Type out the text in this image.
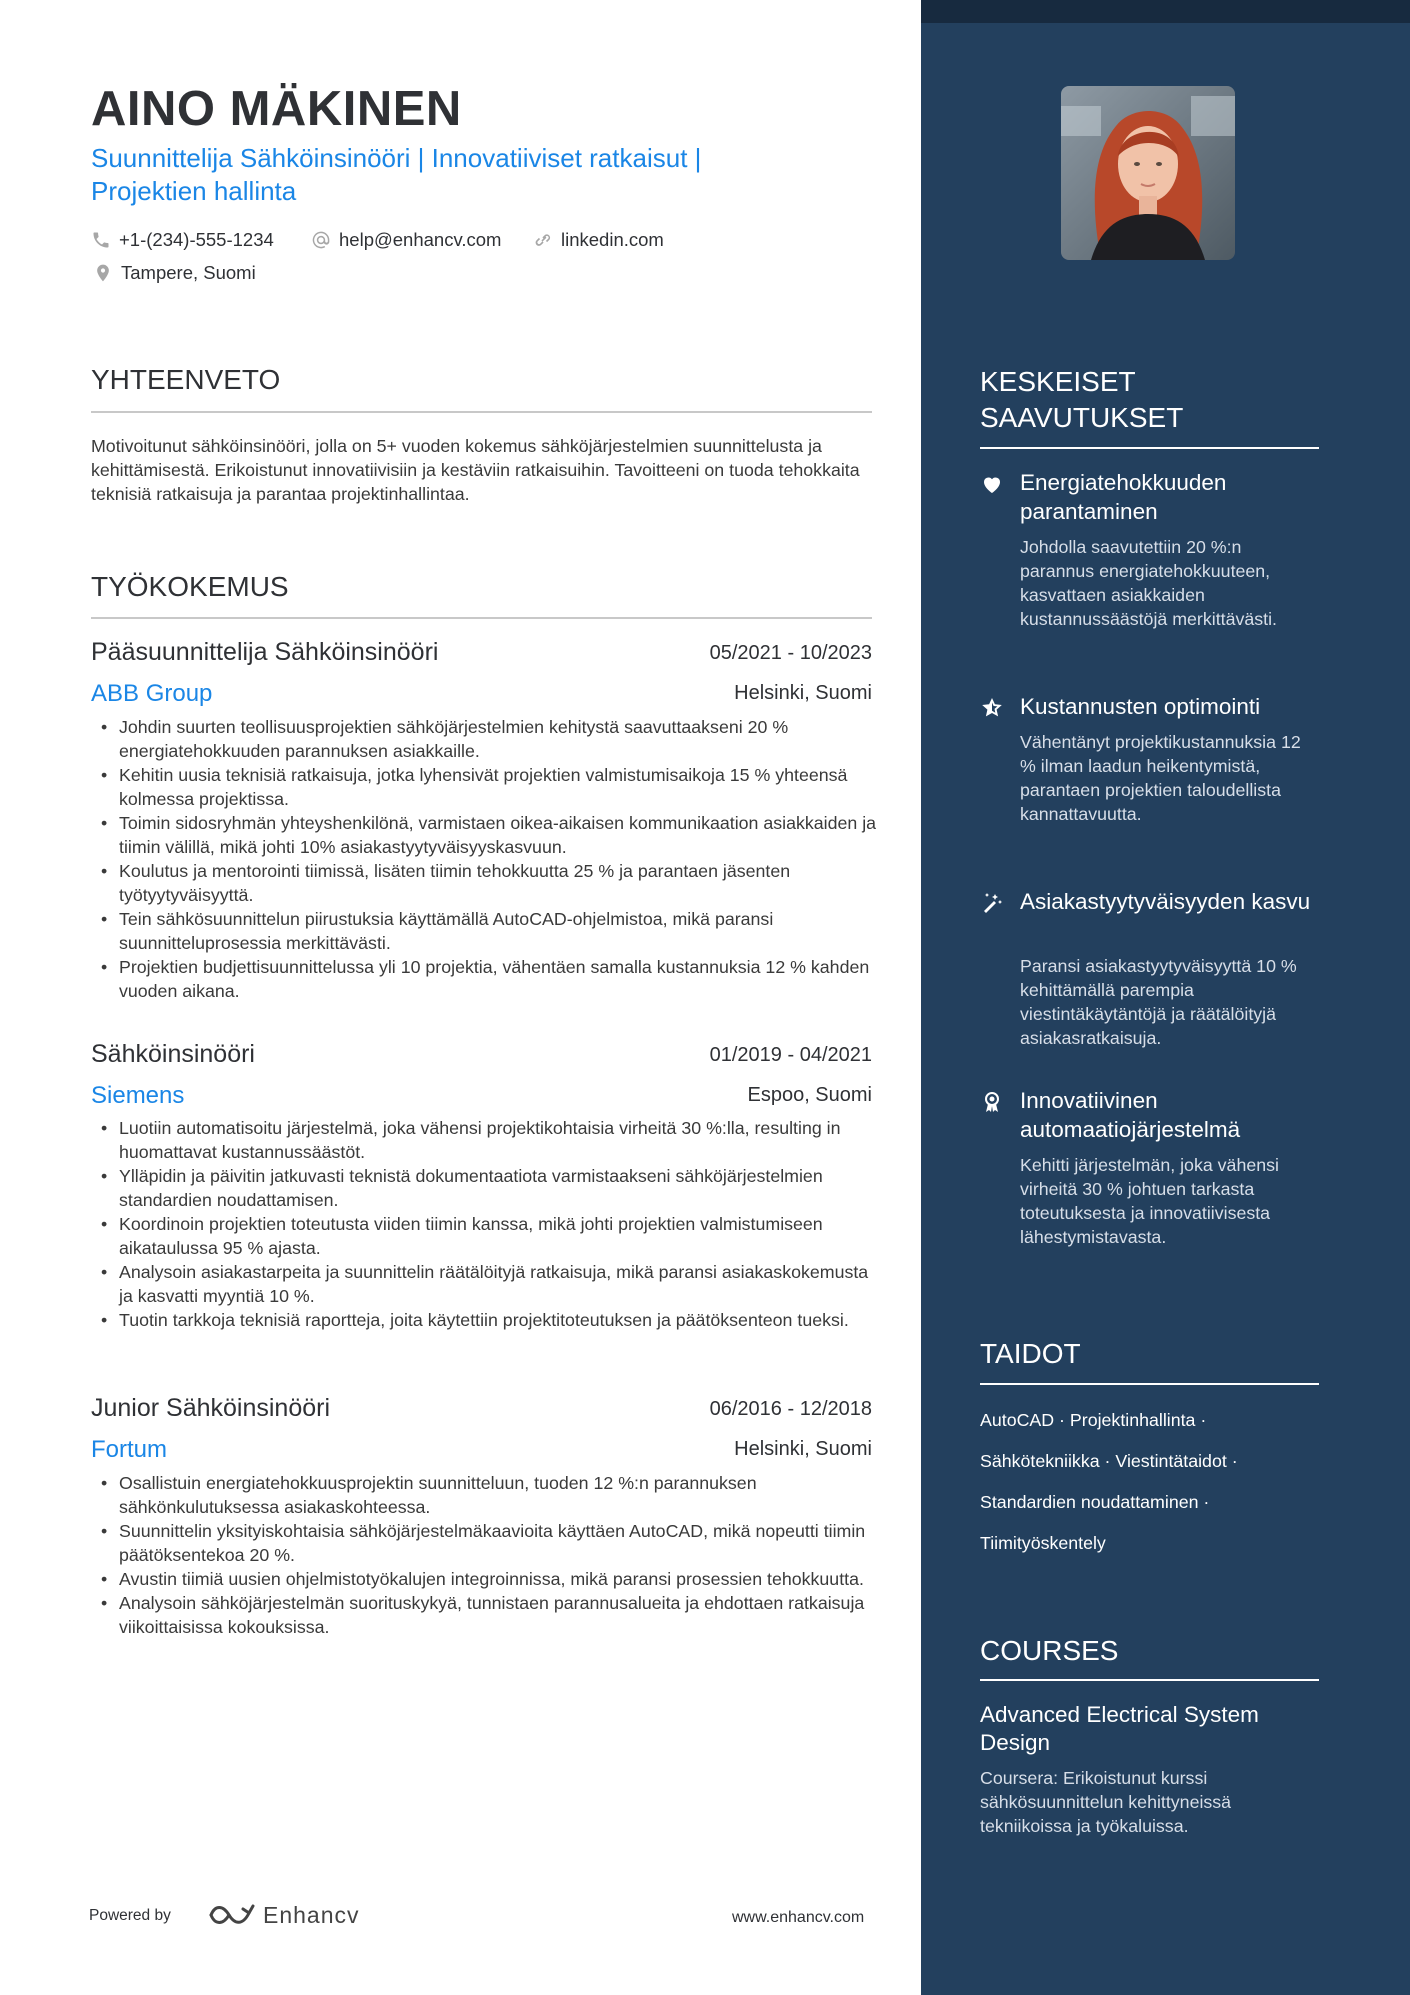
AINO MÄKINEN

Suunnittelija Sähköinsinööri | Innovatiiviset ratkaisut | Projektien hallinta

+1-(234)-555-1234	help@enhancv.com	linkedin.com
Tampere, Suomi
YHTEENVETO

Motivoitunut sähköinsinööri, jolla on 5+ vuoden kokemus sähköjärjestelmien suunnittelusta ja kehittämisestä. Erikoistunut innovatiivisiin ja kestäviin ratkaisuihin. Tavoitteeni on tuoda tehokkaita teknisiä ratkaisuja ja parantaa projektinhallintaa.

TYÖKOKEMUS
Pääsuunnittelija Sähköinsinööri	05/2021 - 10/2023
ABB Group	Helsinki, Suomi
• Johdin suurten teollisuusprojektien sähköjärjestelmien kehitystä saavuttaakseni 20 % energiatehokkuuden parannuksen asiakkaille.
• Kehitin uusia teknisiä ratkaisuja, jotka lyhensivät projektien valmistumisaikoja 15 % yhteensä kolmessa projektissa.
• Toimin sidosryhmän yhteyshenkilönä, varmistaen oikea-aikaisen kommunikaation asiakkaiden ja tiimin välillä, mikä johti 10% asiakastyytyväisyyskasvuun.
• Koulutus ja mentorointi tiimissä, lisäten tiimin tehokkuutta 25 % ja parantaen jäsenten työtyytyväisyyttä.
• Tein sähkösuunnittelun piirustuksia käyttämällä AutoCAD-ohjelmistoa, mikä paransi suunnitteluprosessia merkittävästi.
• Projektien budjettisuunnittelussa yli 10 projektia, vähentäen samalla kustannuksia 12 % kahden vuoden aikana.
Sähköinsinööri	01/2019 - 04/2021
Siemens	Espoo, Suomi
• Luotiin automatisoitu järjestelmä, joka vähensi projektikohtaisia virheitä 30 %:lla, resulting in huomattavat kustannussäästöt.
• Ylläpidin ja päivitin jatkuvasti teknistä dokumentaatiota varmistaakseni sähköjärjestelmien standardien noudattamisen.
• Koordinoin projektien toteutusta viiden tiimin kanssa, mikä johti projektien valmistumiseen aikataulussa 95 % ajasta.
• Analysoin asiakastarpeita ja suunnittelin räätälöityjä ratkaisuja, mikä paransi asiakaskokemusta ja kasvatti myyntiä 10 %.
• Tuotin tarkkoja teknisiä raportteja, joita käytettiin projektitoteutuksen ja päätöksenteon tueksi.
Junior Sähköinsinööri	06/2016 - 12/2018
Fortum	Helsinki, Suomi
• Osallistuin energiatehokkuusprojektin suunnitteluun, tuoden 12 %:n parannuksen sähkönkulutuksessa asiakaskohteessa.
• Suunnittelin yksityiskohtaisia sähköjärjestelmäkaavioita käyttäen AutoCAD, mikä nopeutti tiimin päätöksentekoa 20 %.
• Avustin tiimiä uusien ohjelmistotyökalujen integroinnissa, mikä paransi prosessien tehokkuutta.
• Analysoin sähköjärjestelmän suorituskykyä, tunnistaen parannusalueita ja ehdottaen ratkaisuja viikoittaisissa kokouksissa.
Powered by	Enhancv	www.enhancv.com
KESKEISET SAAVUTUKSET
Energiatehokkuuden parantaminen
Johdolla saavutettiin 20 %:n parannus energiatehokkuuteen, kasvattaen asiakkaiden kustannussäästöjä merkittävästi.
Kustannusten optimointi
Vähentänyt projektikustannuksia 12 % ilman laadun heikentymistä, parantaen projektien taloudellista kannattavuutta.
Asiakastyytyväisyyden kasvu
Paransi asiakastyytyväisyyttä 10 % kehittämällä parempia viestintäkäytäntöjä ja räätälöityjä asiakasratkaisuja.
Innovatiivinen automaatiojärjestelmä
Kehitti järjestelmän, joka vähensi virheitä 30 % johtuen tarkasta toteutuksesta ja innovatiivisesta lähestymistavasta.
TAIDOT
AutoCAD · Projektinhallinta ·
Sähkötekniikka · Viestintätaidot ·
Standardien noudattaminen ·
Tiimityöskentely
COURSES
Advanced Electrical System Design
Coursera: Erikoistunut kurssi sähkösuunnittelun kehittyneissä tekniikoissa ja työkaluissa.
